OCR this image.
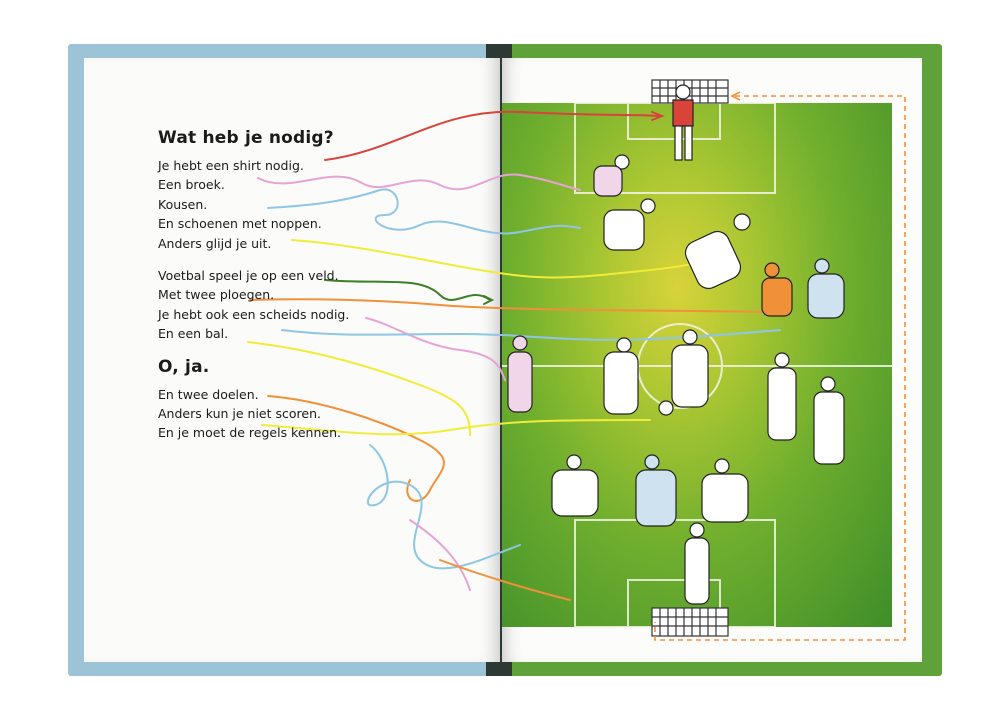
Wat heb je nodig?

Je hebt een shirt nodig.

Een broek.

Kousen.

En schoenen met noppen.

Anders glijd je uit.

Voetbal speel je op een veld.

Met twee ploegen.

Je hebt ook een scheids nodig.

En een bal.

O, ja.

En twee doelen.

Anders kun je niet scoren.

En je moet de regels kennen.
